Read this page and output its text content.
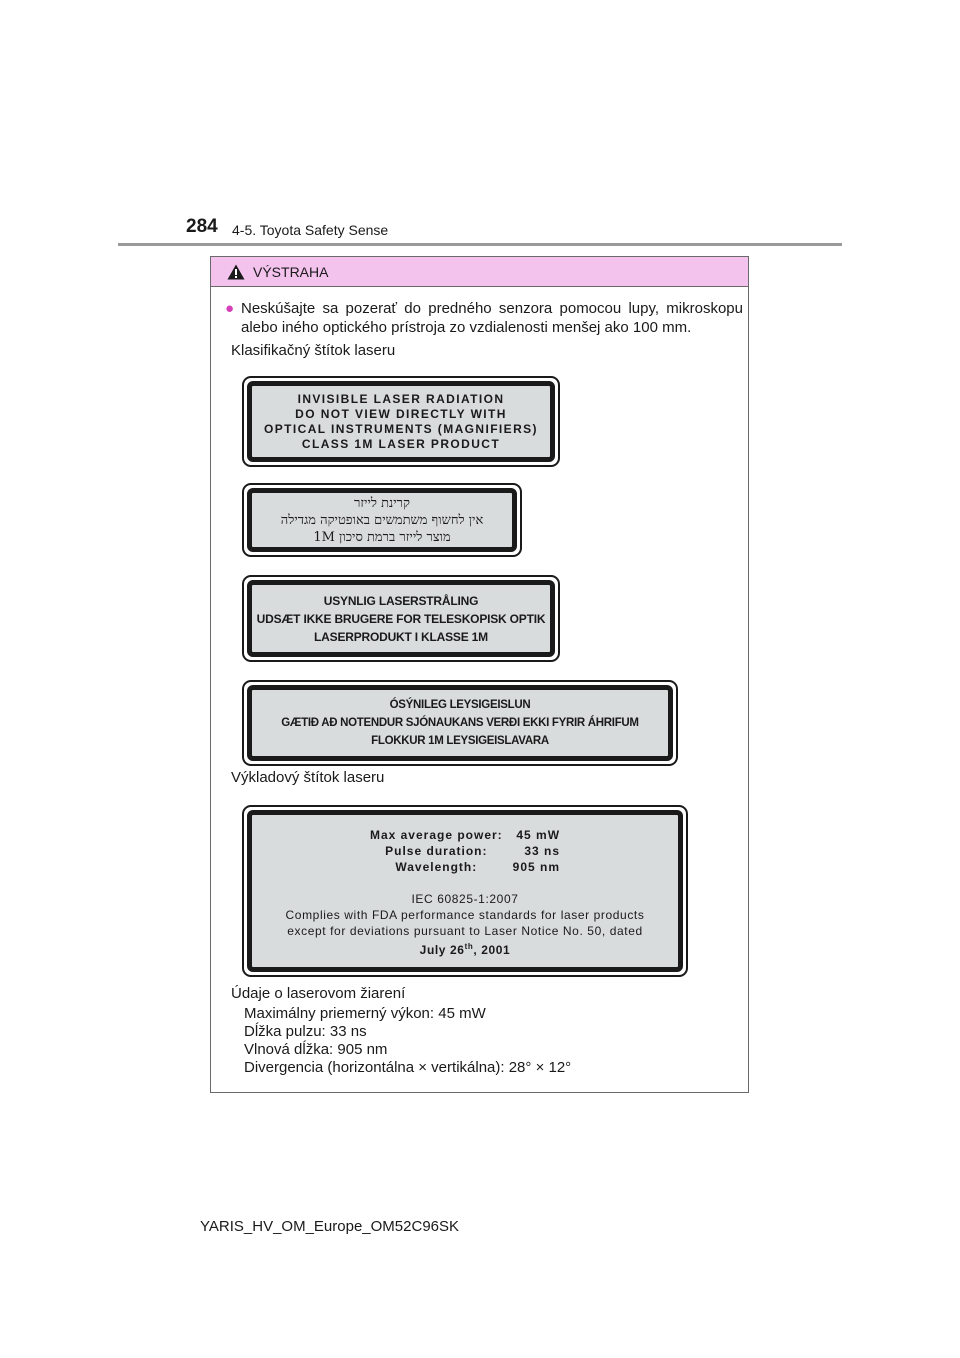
284 4-5. Toyota Safety Sense
VÝSTRAHA
● Neskúšajte sa pozerať do predného senzora pomocou lupy, mikroskopu alebo iného optického prístroja zo vzdialenosti menšej ako 100 mm.
Klasifikačný štítok laseru
INVISIBLE LASER RADIATION
DO NOT VIEW DIRECTLY WITH
OPTICAL INSTRUMENTS (MAGNIFIERS)
CLASS 1M LASER PRODUCT
קרינת לייזר
אין לחשוף משתמשים באופטיקה מגדילה
מוצר לייזר ברמת סיכון 1M
USYNLIG LASERSTRÅLING
UDSÆT IKKE BRUGERE FOR TELESKOPISK OPTIK
LASERPRODUKT I KLASSE 1M
ÓSÝNILEG LEYSIGEISLUN
GÆTIÐ AÐ NOTENDUR SJÓNAUKANS VERÐI EKKI FYRIR ÁHRIFUM
FLOKKUR 1M LEYSIGEISLAVARA
Výkladový štítok laseru
Max average power:	45 mW
Pulse duration:	33 ns
Wavelength:	905 nm
IEC 60825-1:2007
Complies with FDA performance standards for laser products
except for deviations pursuant to Laser Notice No. 50, dated
July 26th, 2001
Údaje o laserovom žiarení
Maximálny priemerný výkon: 45 mW
Dĺžka pulzu: 33 ns
Vlnová dĺžka: 905 nm
Divergencia (horizontálna × vertikálna): 28° × 12°
YARIS_HV_OM_Europe_OM52C96SK
